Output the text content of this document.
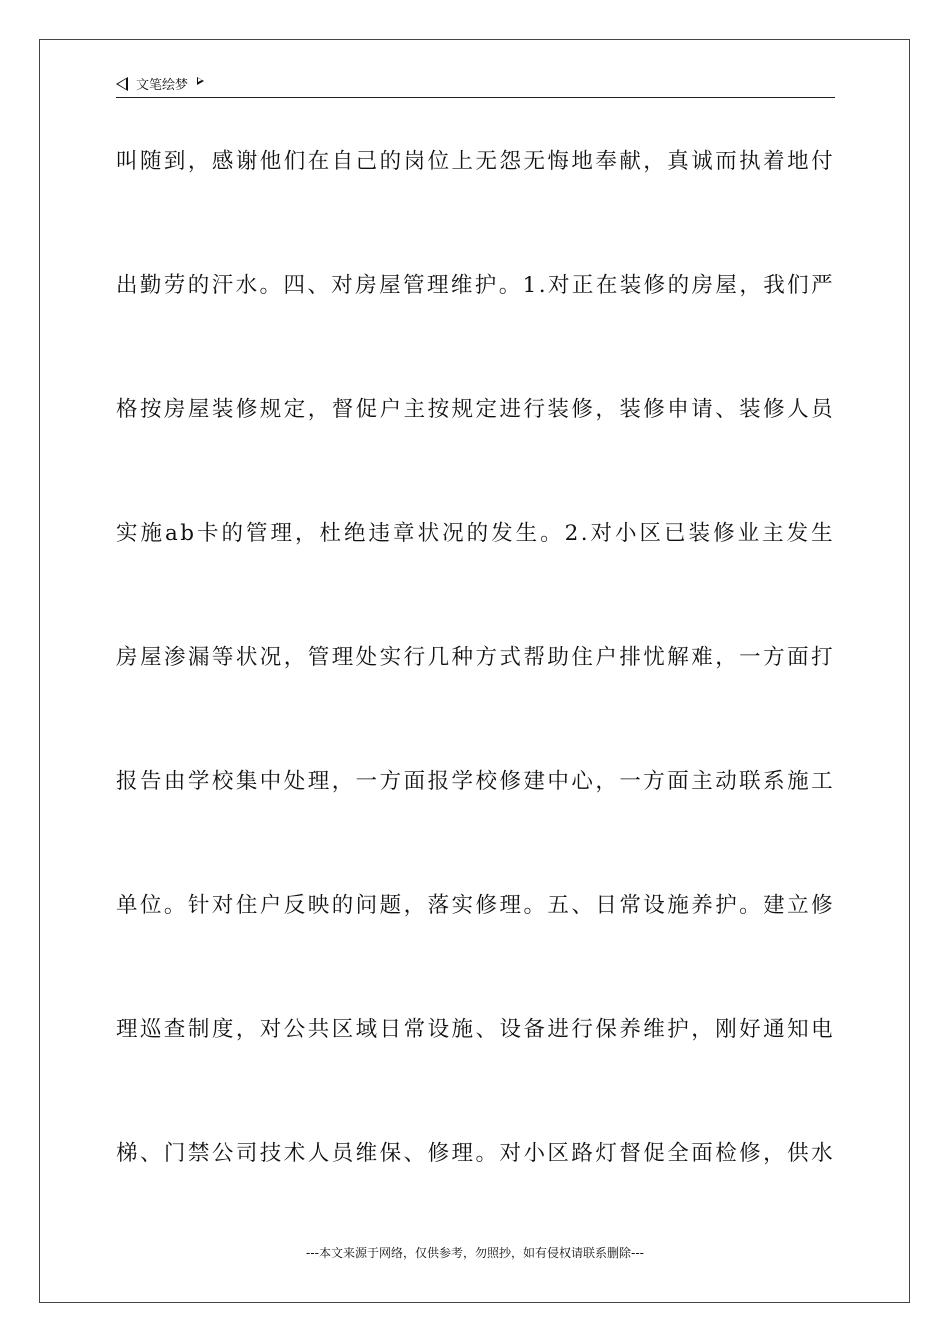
文笔绘梦
叫随到，感谢他们在自己的岗位上无怨无悔地奉献，真诚而执着地付
出勤劳的汗水。四、对房屋管理维护。1.对正在装修的房屋，我们严
格按房屋装修规定，督促户主按规定进行装修，装修申请、装修人员
实施ab卡的管理，杜绝违章状况的发生。2.对小区已装修业主发生
房屋渗漏等状况，管理处实行几种方式帮助住户排忧解难，一方面打
报告由学校集中处理，一方面报学校修建中心，一方面主动联系施工
单位。针对住户反映的问题，落实修理。五、日常设施养护。建立修
理巡查制度，对公共区域日常设施、设备进行保养维护，刚好通知电
梯、门禁公司技术人员维保、修理。对小区路灯督促全面检修，供水
---本文来源于网络，仅供参考，勿照抄，如有侵权请联系删除---
